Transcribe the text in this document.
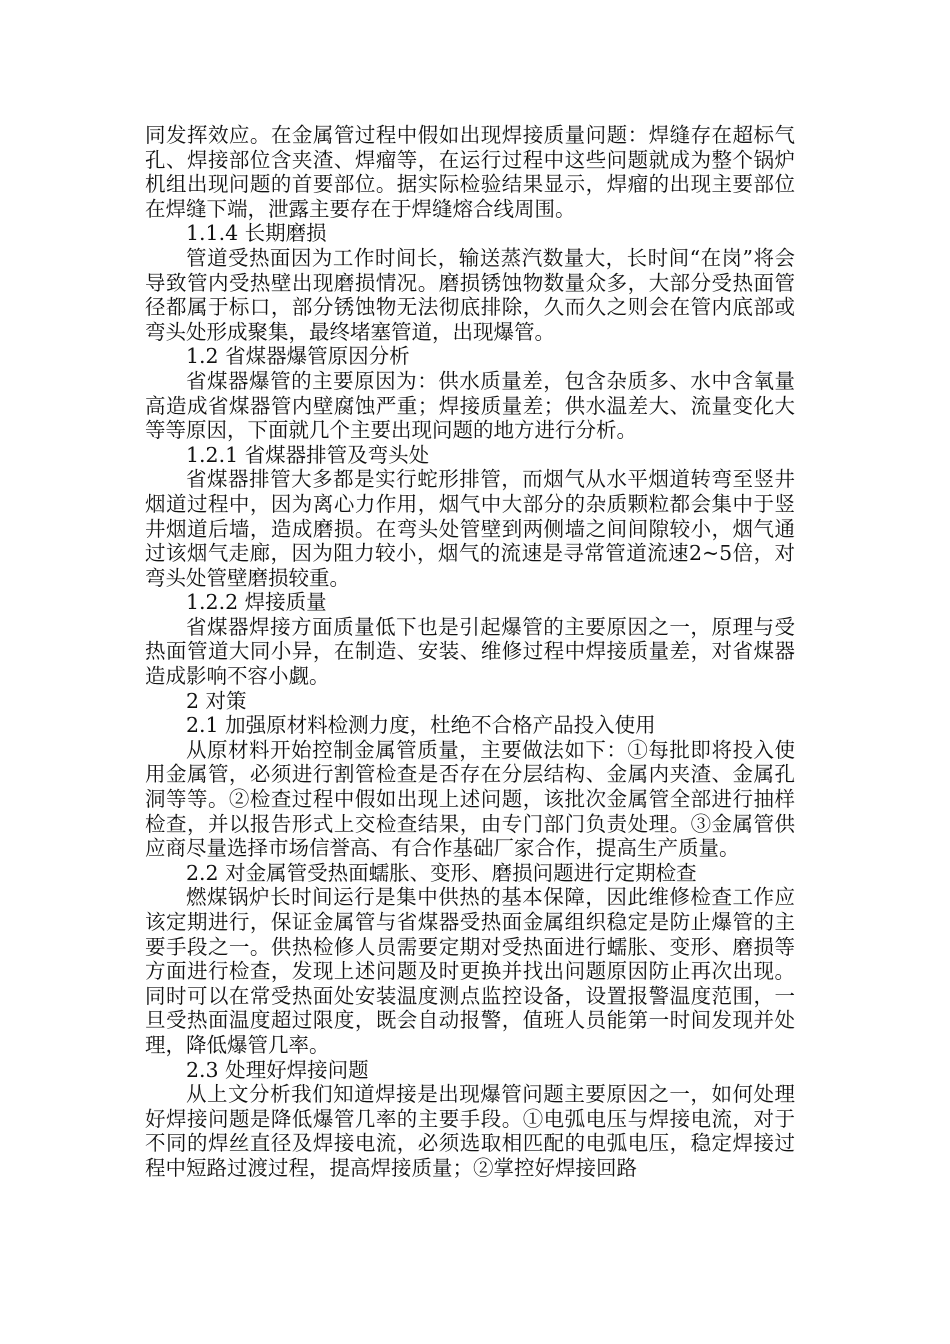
同发挥效应。在金属管过程中假如出现焊接质量问题：焊缝存在超标气孔、焊接部位含夹渣、焊瘤等，在运行过程中这些问题就成为整个锅炉机组出现问题的首要部位。据实际检验结果显示，焊瘤的出现主要部位在焊缝下端，泄露主要存在于焊缝熔合线周围。

1.1.4 长期磨损

管道受热面因为工作时间长，输送蒸汽数量大，长时间“在岗”将会导致管内受热壁出现磨损情况。磨损锈蚀物数量众多，大部分受热面管径都属于标口，部分锈蚀物无法彻底排除，久而久之则会在管内底部或弯头处形成聚集，最终堵塞管道，出现爆管。

1.2 省煤器爆管原因分析

省煤器爆管的主要原因为：供水质量差，包含杂质多、水中含氧量高造成省煤器管内壁腐蚀严重；焊接质量差；供水温差大、流量变化大等等原因，下面就几个主要出现问题的地方进行分析。

1.2.1 省煤器排管及弯头处

省煤器排管大多都是实行蛇形排管，而烟气从水平烟道转弯至竖井烟道过程中，因为离心力作用，烟气中大部分的杂质颗粒都会集中于竖井烟道后墙，造成磨损。在弯头处管壁到两侧墙之间间隙较小，烟气通过该烟气走廊，因为阻力较小，烟气的流速是寻常管道流速2~5倍，对弯头处管壁磨损较重。

1.2.2 焊接质量

省煤器焊接方面质量低下也是引起爆管的主要原因之一，原理与受热面管道大同小异，在制造、安装、维修过程中焊接质量差，对省煤器造成影响不容小觑。

2 对策

2.1 加强原材料检测力度，杜绝不合格产品投入使用

从原材料开始控制金属管质量，主要做法如下：①每批即将投入使用金属管，必须进行割管检查是否存在分层结构、金属内夹渣、金属孔洞等等。②检查过程中假如出现上述问题，该批次金属管全部进行抽样检查，并以报告形式上交检查结果，由专门部门负责处理。③金属管供应商尽量选择市场信誉高、有合作基础厂家合作，提高生产质量。

2.2 对金属管受热面蠕胀、变形、磨损问题进行定期检查

燃煤锅炉长时间运行是集中供热的基本保障，因此维修检查工作应该定期进行，保证金属管与省煤器受热面金属组织稳定是防止爆管的主要手段之一。供热检修人员需要定期对受热面进行蠕胀、变形、磨损等方面进行检查，发现上述问题及时更换并找出问题原因防止再次出现。同时可以在常受热面处安装温度测点监控设备，设置报警温度范围，一旦受热面温度超过限度，既会自动报警，值班人员能第一时间发现并处理，降低爆管几率。

2.3 处理好焊接问题

从上文分析我们知道焊接是出现爆管问题主要原因之一，如何处理好焊接问题是降低爆管几率的主要手段。①电弧电压与焊接电流，对于不同的焊丝直径及焊接电流，必须选取相匹配的电弧电压，稳定焊接过程中短路过渡过程，提高焊接质量；②掌控好焊接回路
